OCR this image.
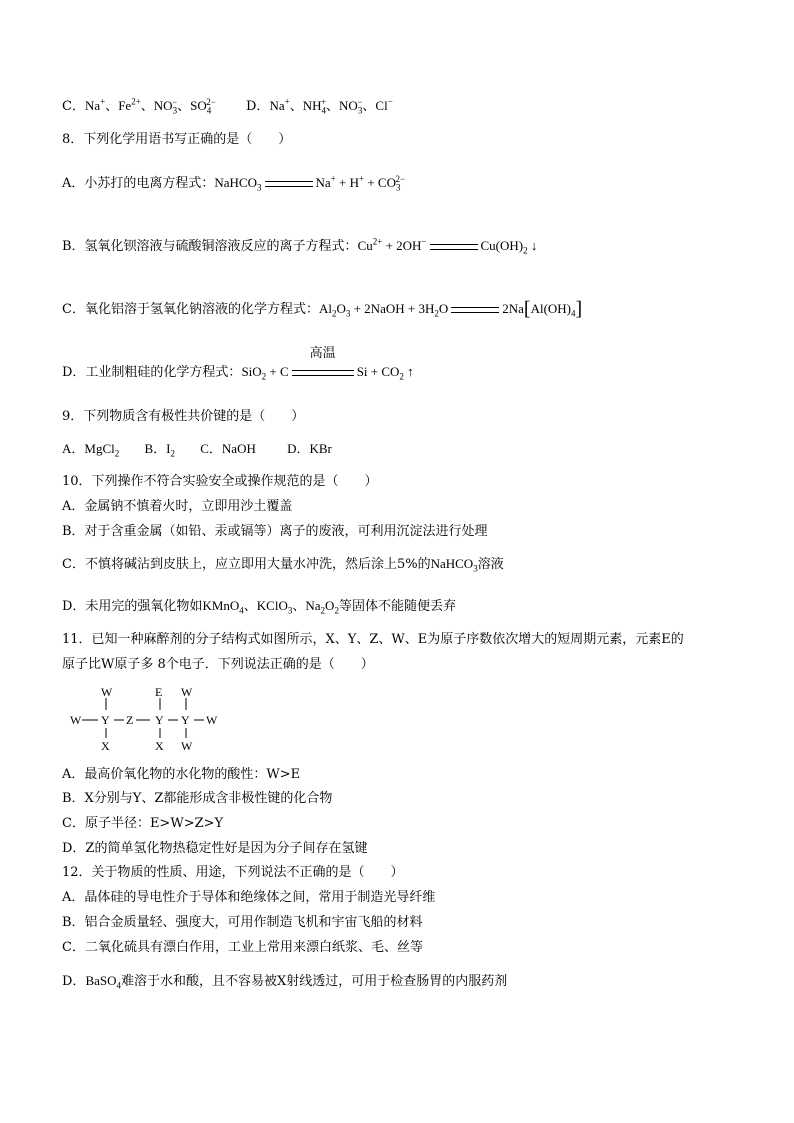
C．Na+、$Fe^{2+}$、$NO_3^-$、$SO_4^{2-}$ D．Na+、$NH_4^+$、$NO_3^-$、Cl−
8．下列化学用语书写正确的是（　　）
A．小苏打的电离方程式：NaHCO$_3$	$Na^+ + H^+ + CO_3^{2-}$
B．氢氧化钡溶液与硫酸铜溶液反应的离子方程式：$Cu^{2+} + 2OH^-$	$Cu(OH)_2$ ↓
C．氧化铝溶于氢氧化钠溶液的化学方程式：$Al_2O_3$ + 2NaOH + $3H_2O$	$2Na[Al(OH)_4]$
D．工业制粗硅的化学方程式：SiO$_2$ + C
高温
$Si + CO_2$ ↑
9．下列物质含有极性共价键的是（　　）
A．MgCl$_2$ B．$I_2$ C．NaOH D．KBr
10．下列操作不符合实验安全或操作规范的是（　　）
A．金属钠不慎着火时，立即用沙土覆盖
B．对于含重金属（如铅、汞或镉等）离子的废液，可利用沉淀法进行处理
C．不慎将碱沾到皮肤上，应立即用大量水冲洗，然后涂上5%的NaHCO$_3$溶液
D．未用完的强氧化物如KMnO$_4$、KClO$_3$、$Na_2O_2$等固体不能随便丢弃
11．已知一种麻醉剂的分子结构式如图所示，X、Y、Z、W、E为原子序数依次增大的短周期元素，元素E的
原子比W原子多 8个电子．下列说法正确的是（　　）
W
W Y Z Y Y W
X	X W
E W
A．最高价氧化物的水化物的酸性：W>E
B．X分别与Y、Z都能形成含非极性键的化合物
C．原子半径：E>W>Z>Y
D．Z的简单氢化物热稳定性好是因为分子间存在氢键
12．关于物质的性质、用途，下列说法不正确的是（　　）
A．晶体硅的导电性介于导体和绝缘体之间，常用于制造光导纤维
B．铝合金质量轻、强度大，可用作制造飞机和宇宙飞船的材料
C．二氧化硫具有漂白作用，工业上常用来漂白纸浆、毛、丝等
D．BaSO$_4$难溶于水和酸，且不容易被X射线透过，可用于检查肠胃的内服药剂
